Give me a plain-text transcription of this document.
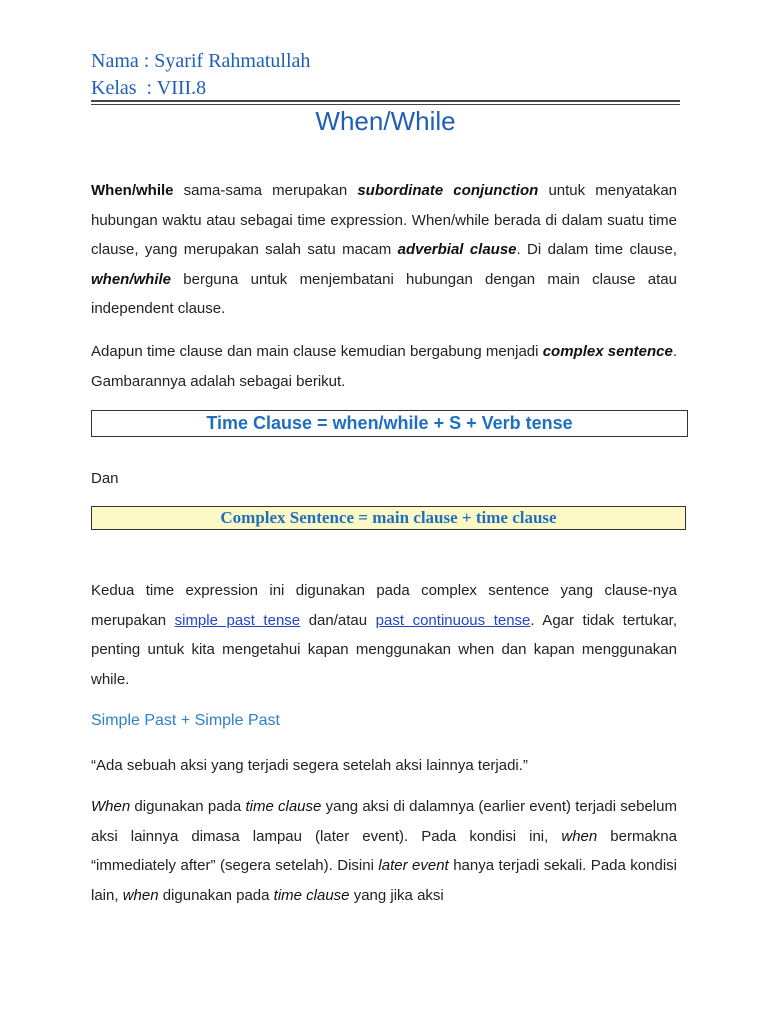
Nama : Syarif Rahmatullah
Kelas  : VIII.8
When/While
When/while sama-sama merupakan subordinate conjunction untuk menyatakan hubungan waktu atau sebagai time expression. When/while berada di dalam suatu time clause, yang merupakan salah satu macam adverbial clause. Di dalam time clause, when/while berguna untuk menjembatani hubungan dengan main clause atau independent clause.
Adapun time clause dan main clause kemudian bergabung menjadi complex sentence. Gambarannya adalah sebagai berikut.
Time Clause = when/while + S + Verb tense
Dan
Complex Sentence = main clause + time clause
Kedua time expression ini digunakan pada complex sentence yang clause-nya merupakan simple past tense dan/atau past continuous tense. Agar tidak tertukar, penting untuk kita mengetahui kapan menggunakan when dan kapan menggunakan while.
Simple Past + Simple Past
“Ada sebuah aksi yang terjadi segera setelah aksi lainnya terjadi.”
When digunakan pada time clause yang aksi di dalamnya (earlier event) terjadi sebelum aksi lainnya dimasa lampau (later event). Pada kondisi ini, when bermakna “immediately after” (segera setelah). Disini later event hanya terjadi sekali. Pada kondisi lain, when digunakan pada time clause yang jika aksi
